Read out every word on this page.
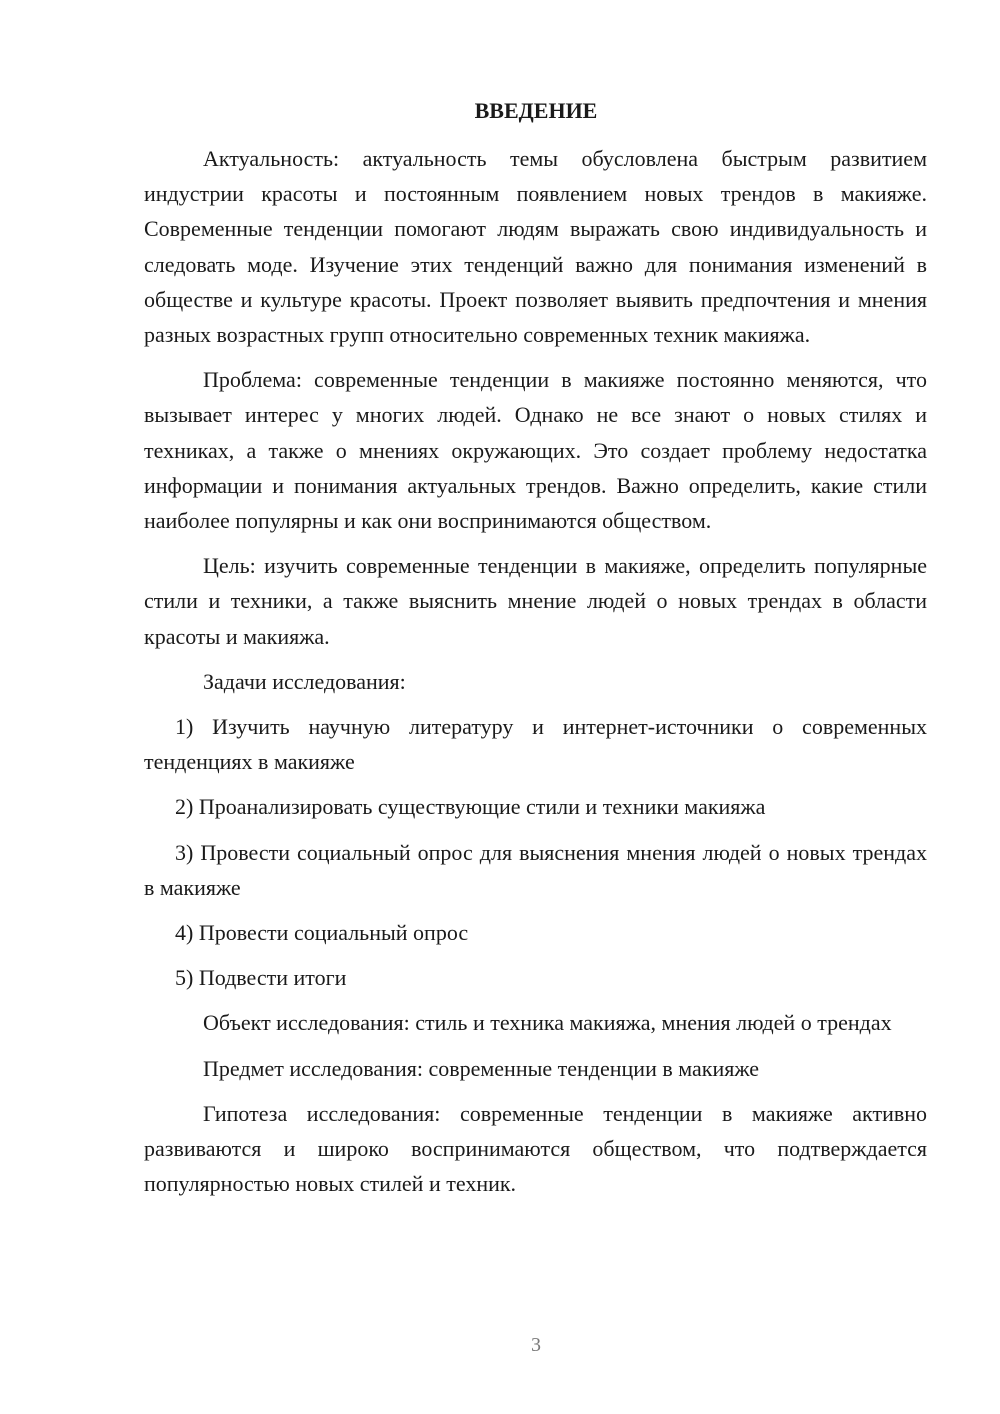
ВВЕДЕНИЕ

Актуальность: актуальность темы обусловлена быстрым развитием индустрии красоты и постоянным появлением новых трендов в макияже. Современные тенденции помогают людям выражать свою индивидуальность и следовать моде. Изучение этих тенденций важно для понимания изменений в обществе и культуре красоты. Проект позволяет выявить предпочтения и мнения разных возрастных групп относительно современных техник макияжа.

Проблема: современные тенденции в макияже постоянно меняются, что вызывает интерес у многих людей. Однако не все знают о новых стилях и техниках, а также о мнениях окружающих. Это создает проблему недостатка информации и понимания актуальных трендов. Важно определить, какие стили наиболее популярны и как они воспринимаются обществом.

Цель: изучить современные тенденции в макияже, определить популярные стили и техники, а также выяснить мнение людей о новых трендах в области красоты и макияжа.

Задачи исследования:

1) Изучить научную литературу и интернет-источники о современных тенденциях в макияже

2) Проанализировать существующие стили и техники макияжа

3) Провести социальный опрос для выяснения мнения людей о новых трендах в макияже

4) Провести социальный опрос

5) Подвести итоги

Объект исследования: стиль и техника макияжа, мнения людей о трендах

Предмет исследования: современные тенденции в макияже

Гипотеза исследования: современные тенденции в макияже активно развиваются и широко воспринимаются обществом, что подтверждается популярностью новых стилей и техник.

3
